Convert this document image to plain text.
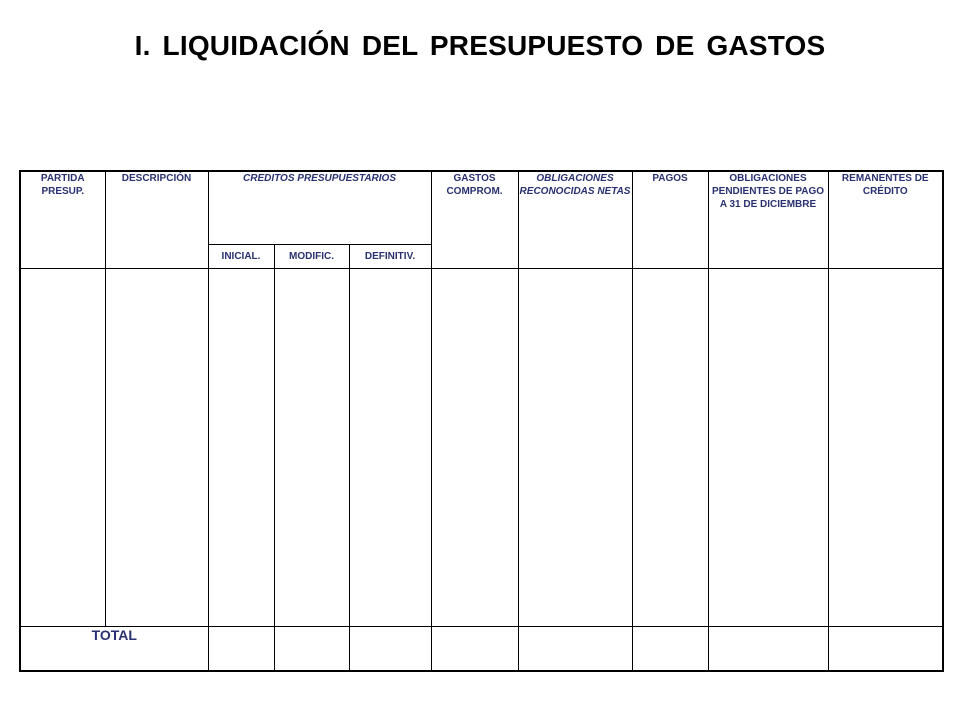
I. LIQUIDACIÓN DEL PRESUPUESTO DE GASTOS
PARTIDA PRESUP.	DESCRIPCIÓN	CREDITOS PRESUPUESTARIOS			GASTOS COMPROM.	OBLIGACIONES RECONOCIDAS NETAS	PAGOS	OBLIGACIONES PENDIENTES DE PAGO A 31 DE DICIEMBRE	REMANENTES DE CRÉDITO
		INICIAL.	MODIFIC.	DEFINITIV.					

TOTAL									
